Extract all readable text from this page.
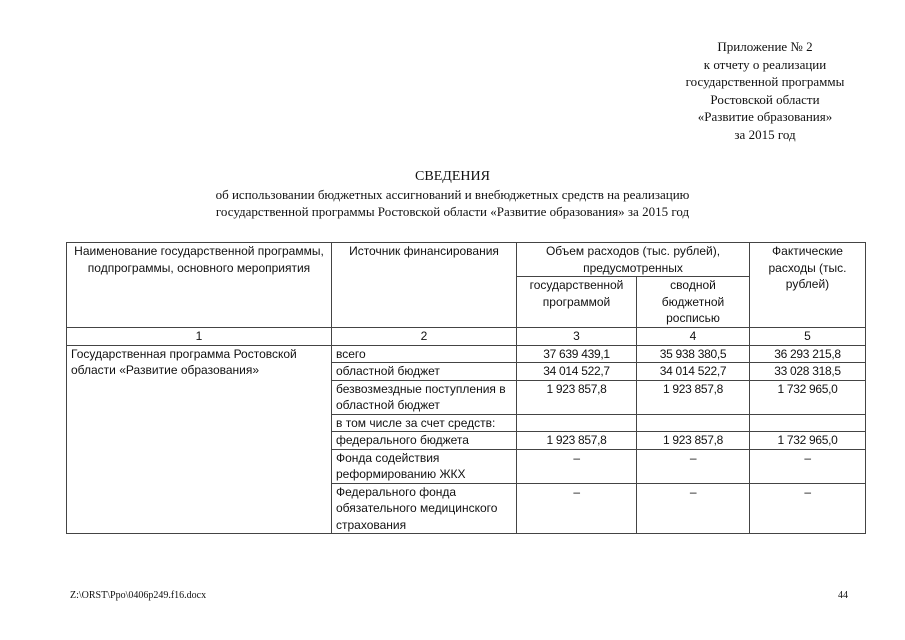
Приложение № 2
к отчету о реализации
государственной программы
Ростовской области
«Развитие образования»
за 2015 год
СВЕДЕНИЯ
об использовании бюджетных ассигнований и внебюджетных средств на реализацию
государственной программы Ростовской области «Развитие образования» за 2015 год
Наименование государственной программы, подпрограммы, основного мероприятия	Источник финансирования	Объем расходов (тыс. рублей), предусмотренных		Фактические расходы (тыс. рублей)
		государственной программой	сводной бюджетной росписью	
1	2	3	4	5
Государственная программа Ростовской области «Развитие образования»	всего	37 639 439,1	35 938 380,5	36 293 215,8
	областной бюджет	34 014 522,7	34 014 522,7	33 028 318,5
	безвозмездные поступления в областной бюджет	1 923 857,8	1 923 857,8	1 732 965,0
	в том числе за счет средств:			
	федерального бюджета	1 923 857,8	1 923 857,8	1 732 965,0
	Фонда содействия реформированию ЖКХ	–	–	–
	Федерального фонда обязательного медицинского страхования	–	–	–
Z:\ORST\Ppo\0406p249.f16.docx	44
